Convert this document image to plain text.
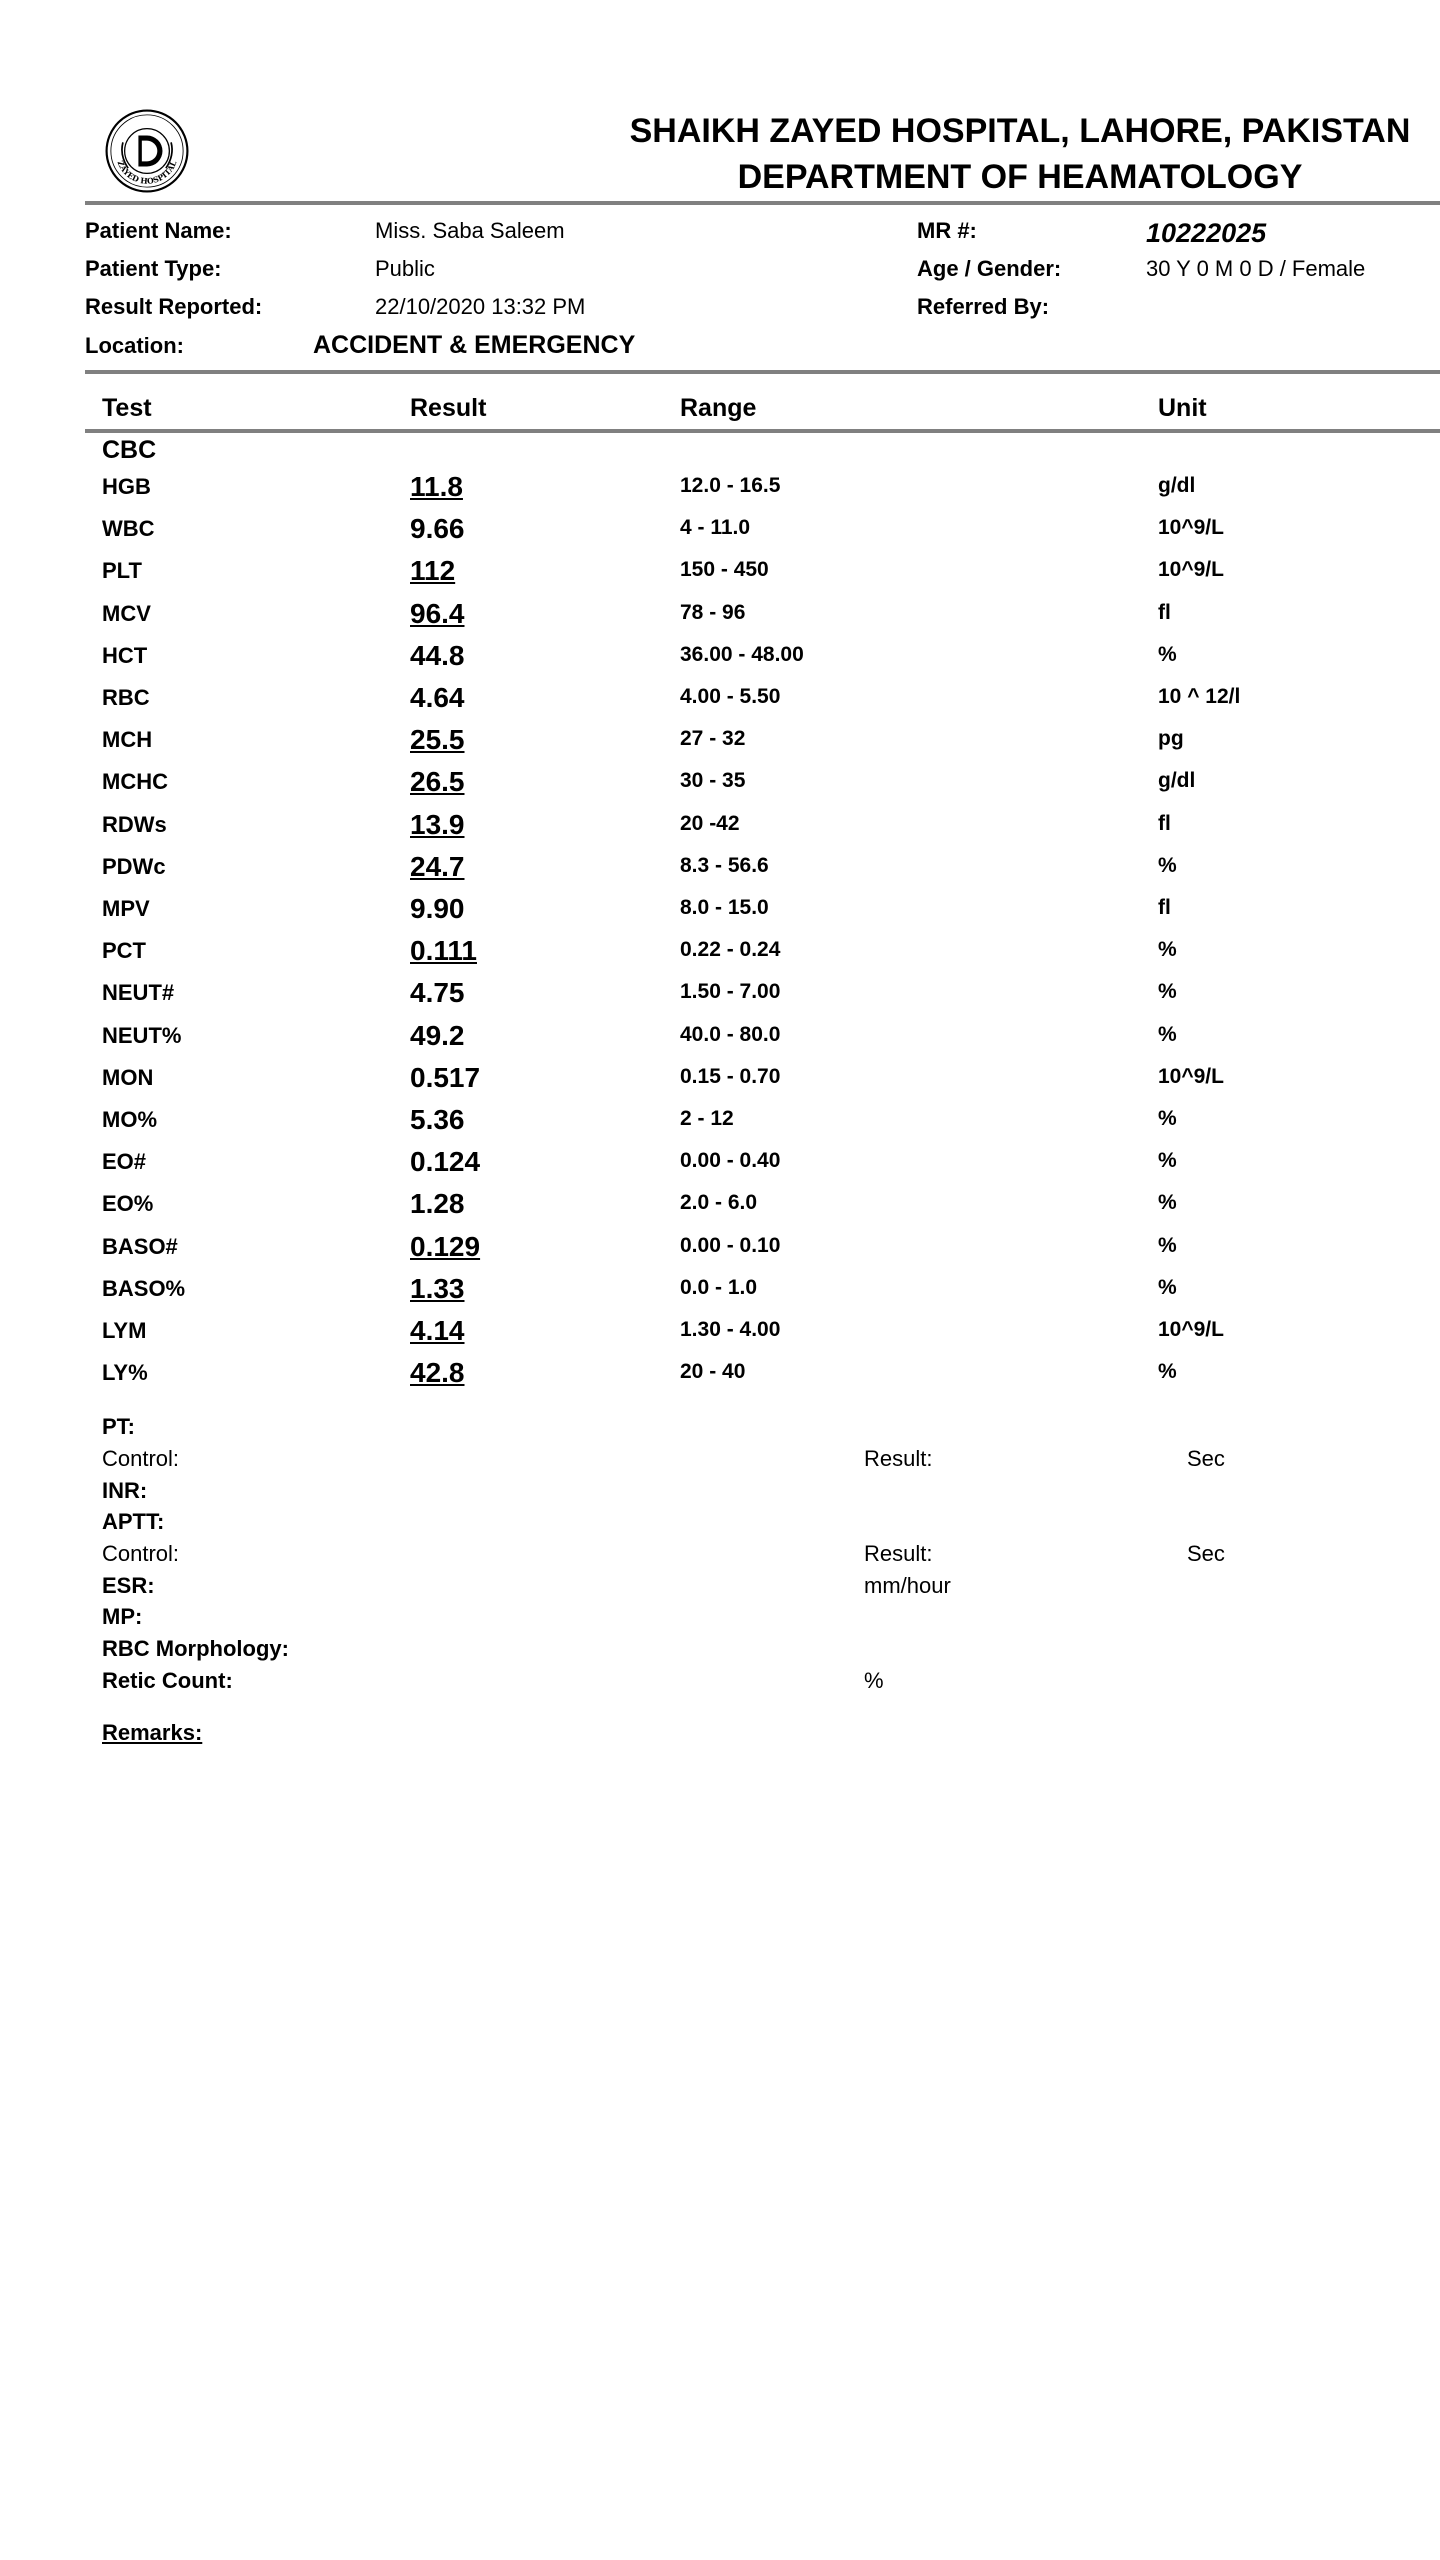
ZAYED HOSPITAL
SHAIKH ZAYED HOSPITAL, LAHORE, PAKISTAN
DEPARTMENT OF HEAMATOLOGY
Patient Name:	Miss. Saba Saleem	MR #:	10222025
Patient Type:	Public	Age / Gender:	30 Y 0 M 0 D / Female
Result Reported:	22/10/2020 13:32 PM	Referred By:
Location:	ACCIDENT & EMERGENCY
Test	Result	Range	Unit
CBC
HGB	11.8	12.0 - 16.5	g/dl
WBC	9.66	4 - 11.0	10^9/L
PLT	112	150 - 450	10^9/L
MCV	96.4	78 - 96	fl
HCT	44.8	36.00 - 48.00	%
RBC	4.64	4.00 - 5.50	10 ^ 12/l
MCH	25.5	27 - 32	pg
MCHC	26.5	30 - 35	g/dl
RDWs	13.9	20 -42	fl
PDWc	24.7	8.3 - 56.6	%
MPV	9.90	8.0 - 15.0	fl
PCT	0.111	0.22 - 0.24	%
NEUT#	4.75	1.50 - 7.00	%
NEUT%	49.2	40.0 - 80.0	%
MON	0.517	0.15 - 0.70	10^9/L
MO%	5.36	2 - 12	%
EO#	0.124	0.00 - 0.40	%
EO%	1.28	2.0 - 6.0	%
BASO#	0.129	0.00 - 0.10	%
BASO%	1.33	0.0 - 1.0	%
LYM	4.14	1.30 - 4.00	10^9/L
LY%	42.8	20 - 40	%
PT:
Control:	Result:	Sec
INR:
APTT:
Control:	Result:	Sec
ESR:	mm/hour
MP:
RBC Morphology:
Retic Count:	%
Remarks:
